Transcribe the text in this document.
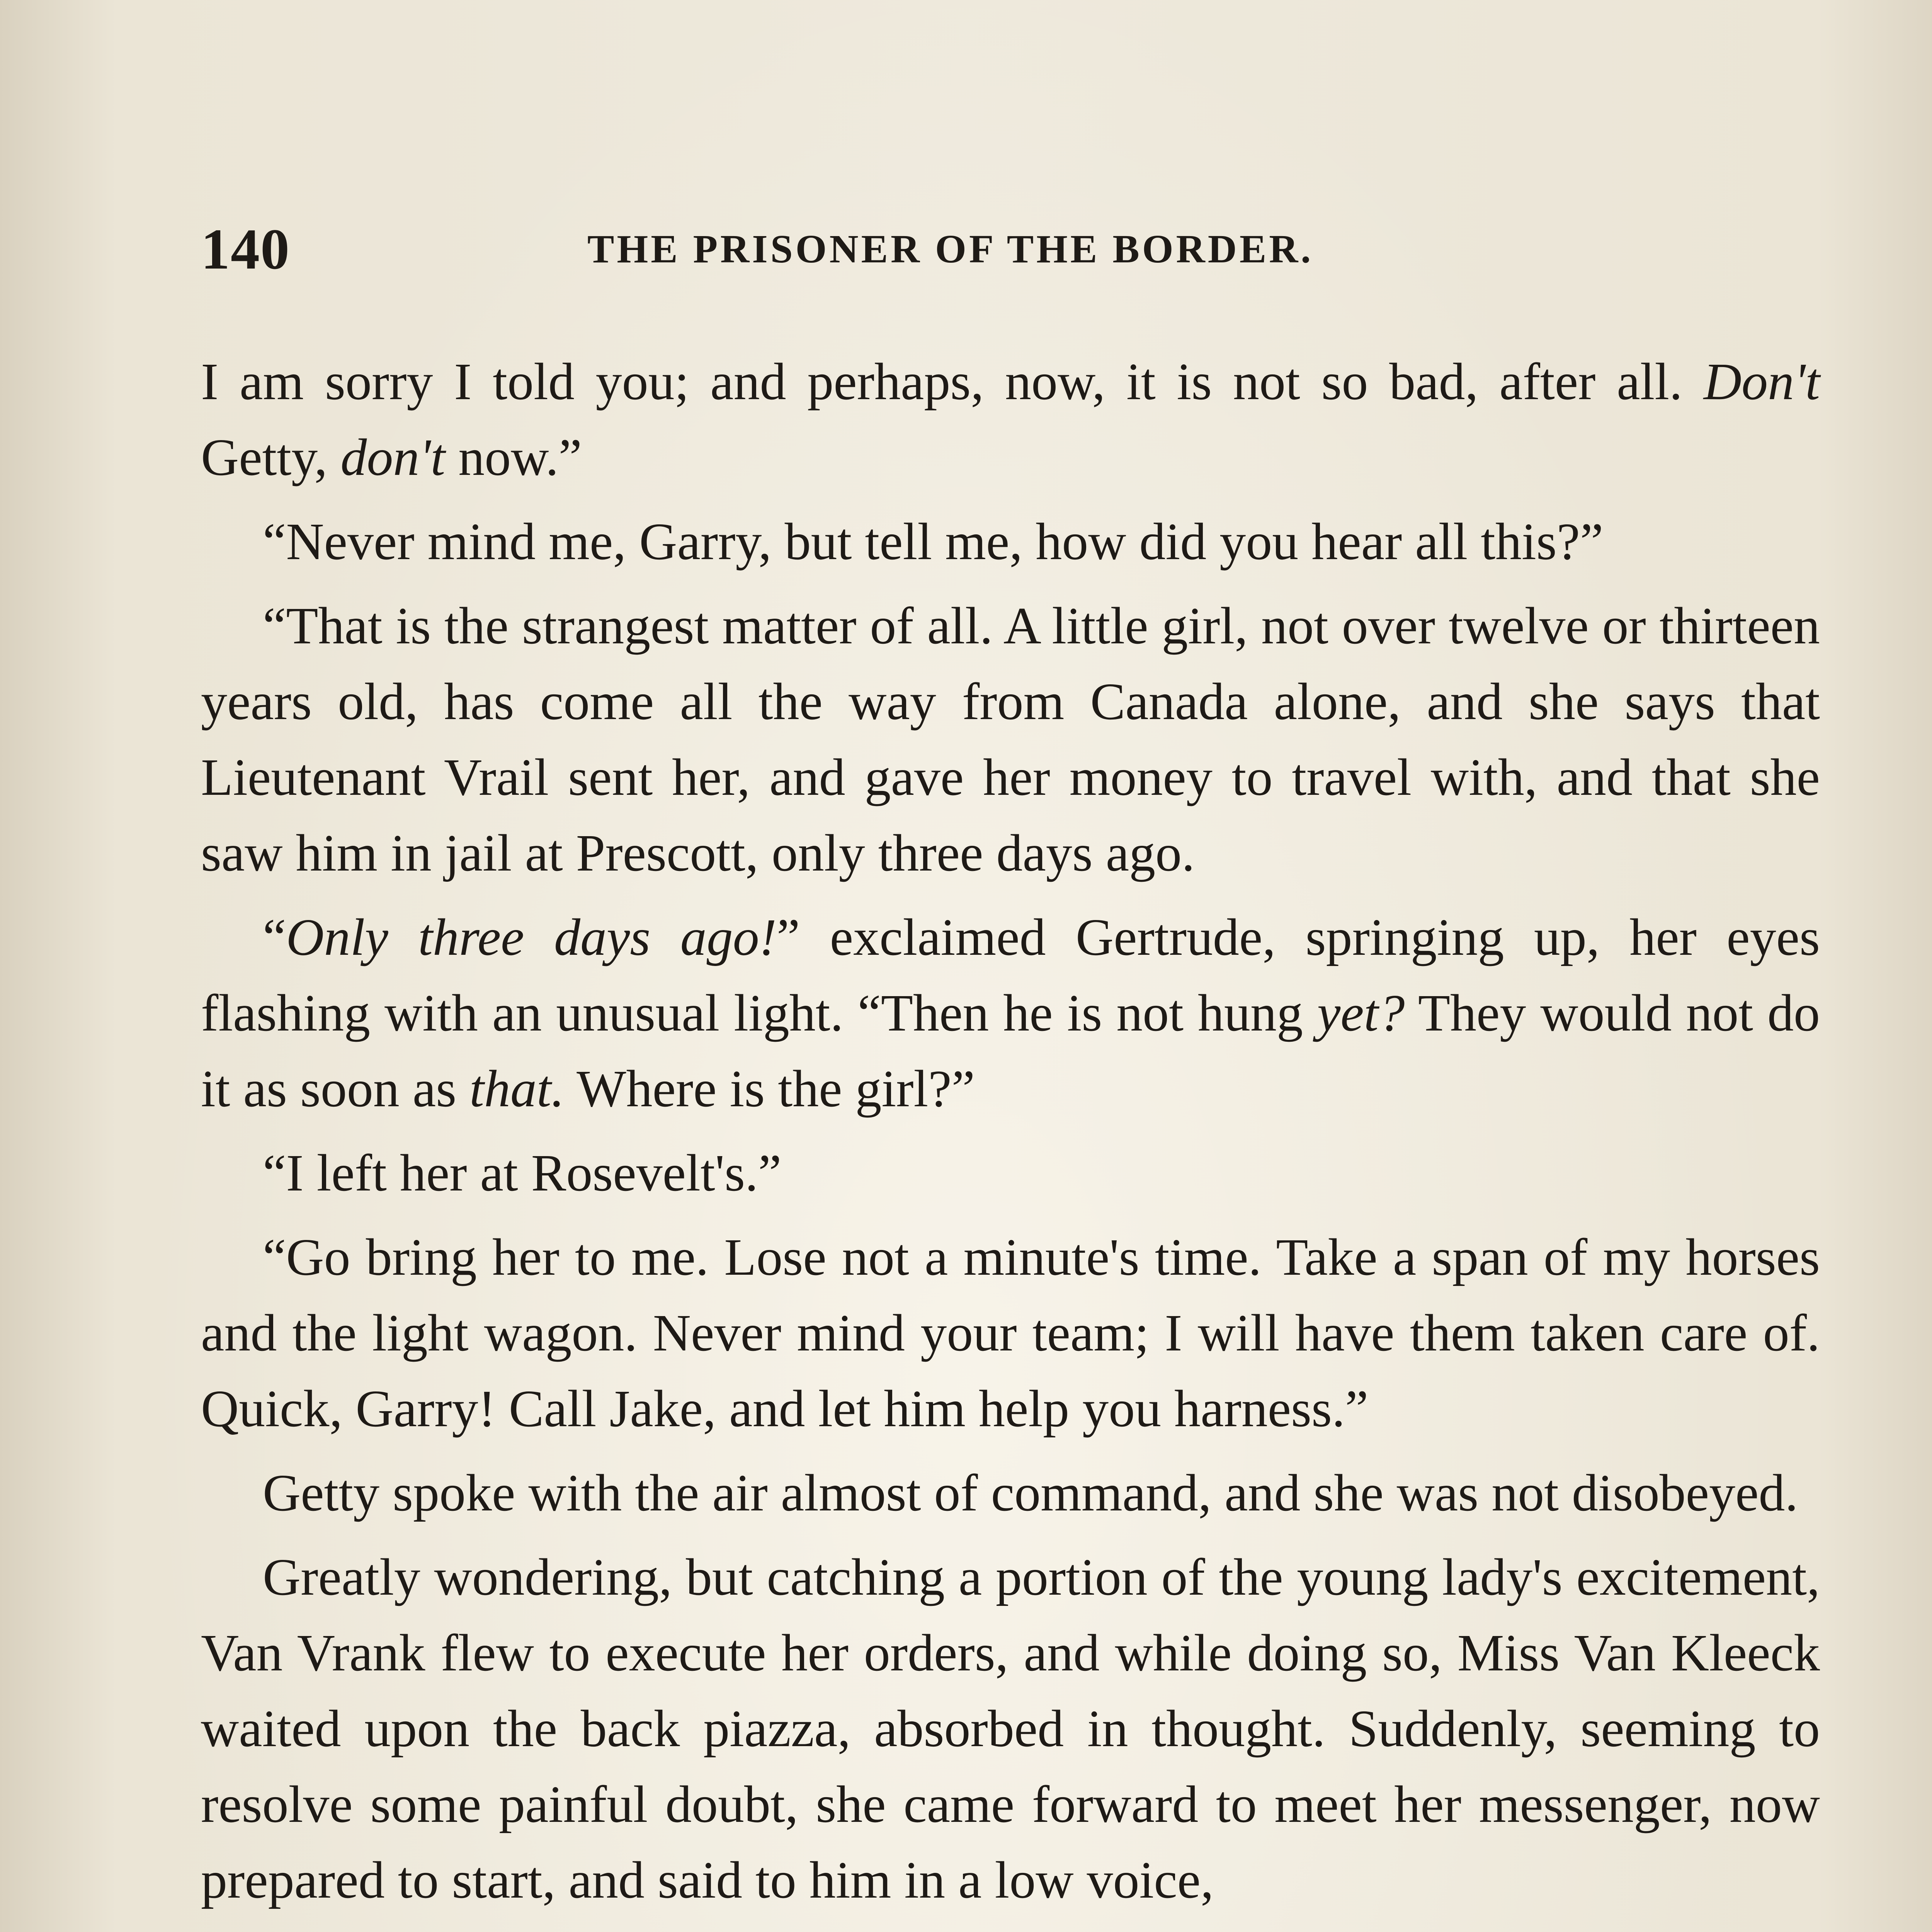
140	THE PRISONER OF THE BORDER.

I am sorry I told you; and perhaps, now, it is not so bad, after all. Don't Getty, don't now.”

“Never mind me, Garry, but tell me, how did you hear all this?”

“That is the strangest matter of all. A little girl, not over twelve or thirteen years old, has come all the way from Canada alone, and she says that Lieutenant Vrail sent her, and gave her money to travel with, and that she saw him in jail at Prescott, only three days ago.

“Only three days ago!” exclaimed Gertrude, springing up, her eyes flashing with an unusual light. “Then he is not hung yet? They would not do it as soon as that. Where is the girl?”

“I left her at Rosevelt's.”

“Go bring her to me. Lose not a minute's time. Take a span of my horses and the light wagon. Never mind your team; I will have them taken care of. Quick, Garry! Call Jake, and let him help you harness.”

Getty spoke with the air almost of command, and she was not disobeyed.

Greatly wondering, but catching a portion of the young lady's excitement, Van Vrank flew to execute her orders, and while doing so, Miss Van Kleeck waited upon the back piazza, absorbed in thought. Suddenly, seeming to resolve some painful doubt, she came forward to meet her messenger, now prepared to start, and said to him in a low voice,
